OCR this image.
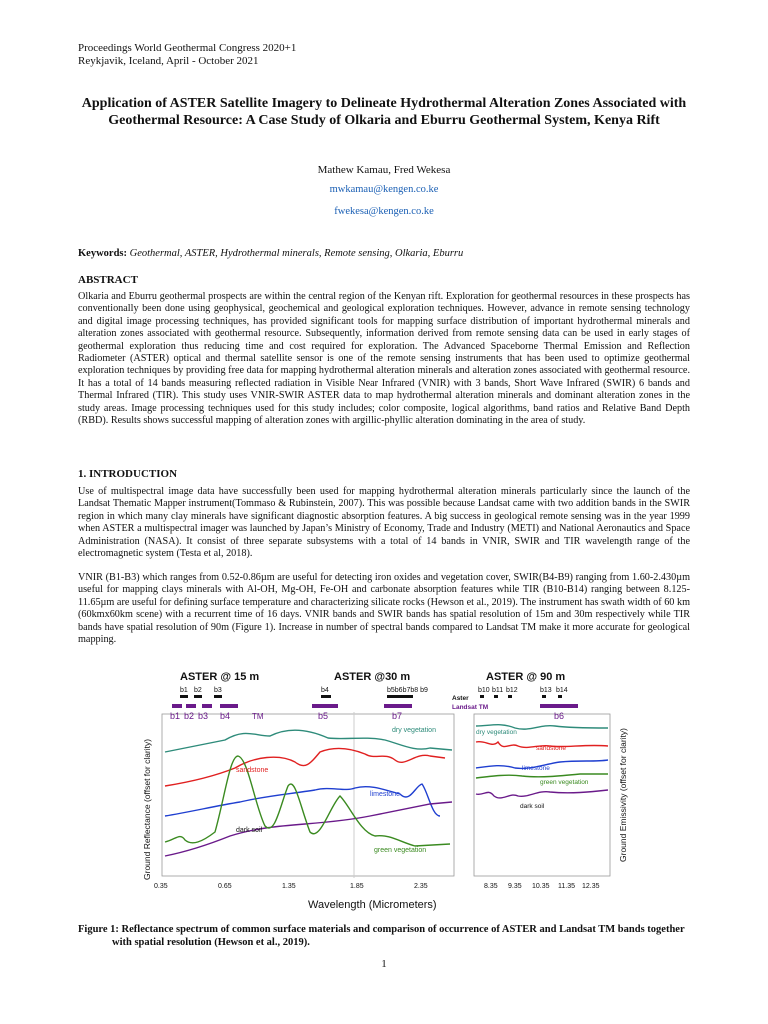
Proceedings World Geothermal Congress 2020+1
Reykjavik, Iceland, April - October 2021
Application of ASTER Satellite Imagery to Delineate Hydrothermal Alteration Zones Associated with Geothermal Resource: A Case Study of Olkaria and Eburru Geothermal System, Kenya Rift
Mathew Kamau, Fred Wekesa
mwkamau@kengen.co.ke
fwekesa@kengen.co.ke
Keywords: Geothermal, ASTER, Hydrothermal minerals, Remote sensing, Olkaria, Eburru
ABSTRACT
Olkaria and Eburru geothermal prospects are within the central region of the Kenyan rift. Exploration for geothermal resources in these prospects has conventionally been done using geophysical, geochemical and geological exploration techniques. However, advance in remote sensing technology and digital image processing techniques, has provided significant tools for mapping surface distribution of important hydrothermal minerals and alteration zones associated with geothermal resource. Subsequently, information derived from remote sensing data can be used in early stages of geothermal exploration thus reducing time and cost required for exploration. The Advanced Spaceborne Thermal Emission and Reflection Radiometer (ASTER) optical and thermal satellite sensor is one of the remote sensing instruments that has been used to optimize geothermal exploration techniques by providing free data for mapping hydrothermal alteration minerals and alteration zones associated with geothermal resource. It has a total of 14 bands measuring reflected radiation in Visible Near Infrared (VNIR) with 3 bands, Short Wave Infrared (SWIR) 6 bands and Thermal Infrared (TIR). This study uses VNIR-SWIR ASTER data to map hydrothermal alteration minerals and dominant alteration zones in the study areas. Image processing techniques used for this study includes; color composite, logical algorithms, band ratios and Relative Band Depth (RBD). Results shows successful mapping of alteration zones with argillic-phyllic alteration dominating in the area of study.
1. INTRODUCTION
Use of multispectral image data have successfully been used for mapping hydrothermal alteration minerals particularly since the launch of the Landsat Thematic Mapper instrument(Tommaso & Rubinstein, 2007). This was possible because Landsat came with two addition bands in the SWIR region in which many clay minerals have significant diagnostic absorption features. A big success in geological remote sensing was in the year 1999 when ASTER a multispectral imager was launched by Japan’s Ministry of Economy, Trade and Industry (METI) and National Aeronautics and Space Administration (NASA). It consist of three separate subsystems with a total of 14 bands in VNIR, SWIR and TIR wavelength range of the electromagnetic system (Testa et al, 2018).
VNIR (B1-B3) which ranges from 0.52-0.86µm are useful for detecting iron oxides and vegetation cover, SWIR(B4-B9) ranging from 1.60-2.430µm useful for mapping clays minerals with Al-OH, Mg-OH, Fe-OH and carbonate absorption features while TIR (B10-B14) ranging between 8.125-11.65µm are useful for defining surface temperature and characterizing silicate rocks (Hewson et al., 2019). The instrument has swath width of 60 km (60kmx60km scene) with a recurrent time of 16 days. VNIR bands and SWIR bands has spatial resolution of 15m and 30m respectively while TIR bands have spatial resolution of 90m (Figure 1). Increase in number of spectral bands compared to Landsat TM make it more accurate for geological mapping.
ASTER @ 15 m	ASTER @30 m	ASTER @ 90 m
b1 b2 b3	b4	b5b6b7b8 b9	b10 b11 b12	b13 b14
Aster
Landsat TM
b1 b2 b3 b4	b5	b7	b6
TM
dry vegetation
sandstone
limestone
dark soil
green vegetation
dry vegetation
sandstone
limestone
green vegetation
dark soil
Ground Reflectance (offset for clarity)	Ground Emissivity (offset for clarity)
0.35	0.65	1.35	1.85	2.35	8.35 9.35 10.35 11.35 12.35
Wavelength (Micrometers)
Figure 1: Reflectance spectrum of common surface materials and comparison of occurrence of ASTER and Landsat TM bands together with spatial resolution (Hewson et al., 2019).
1
